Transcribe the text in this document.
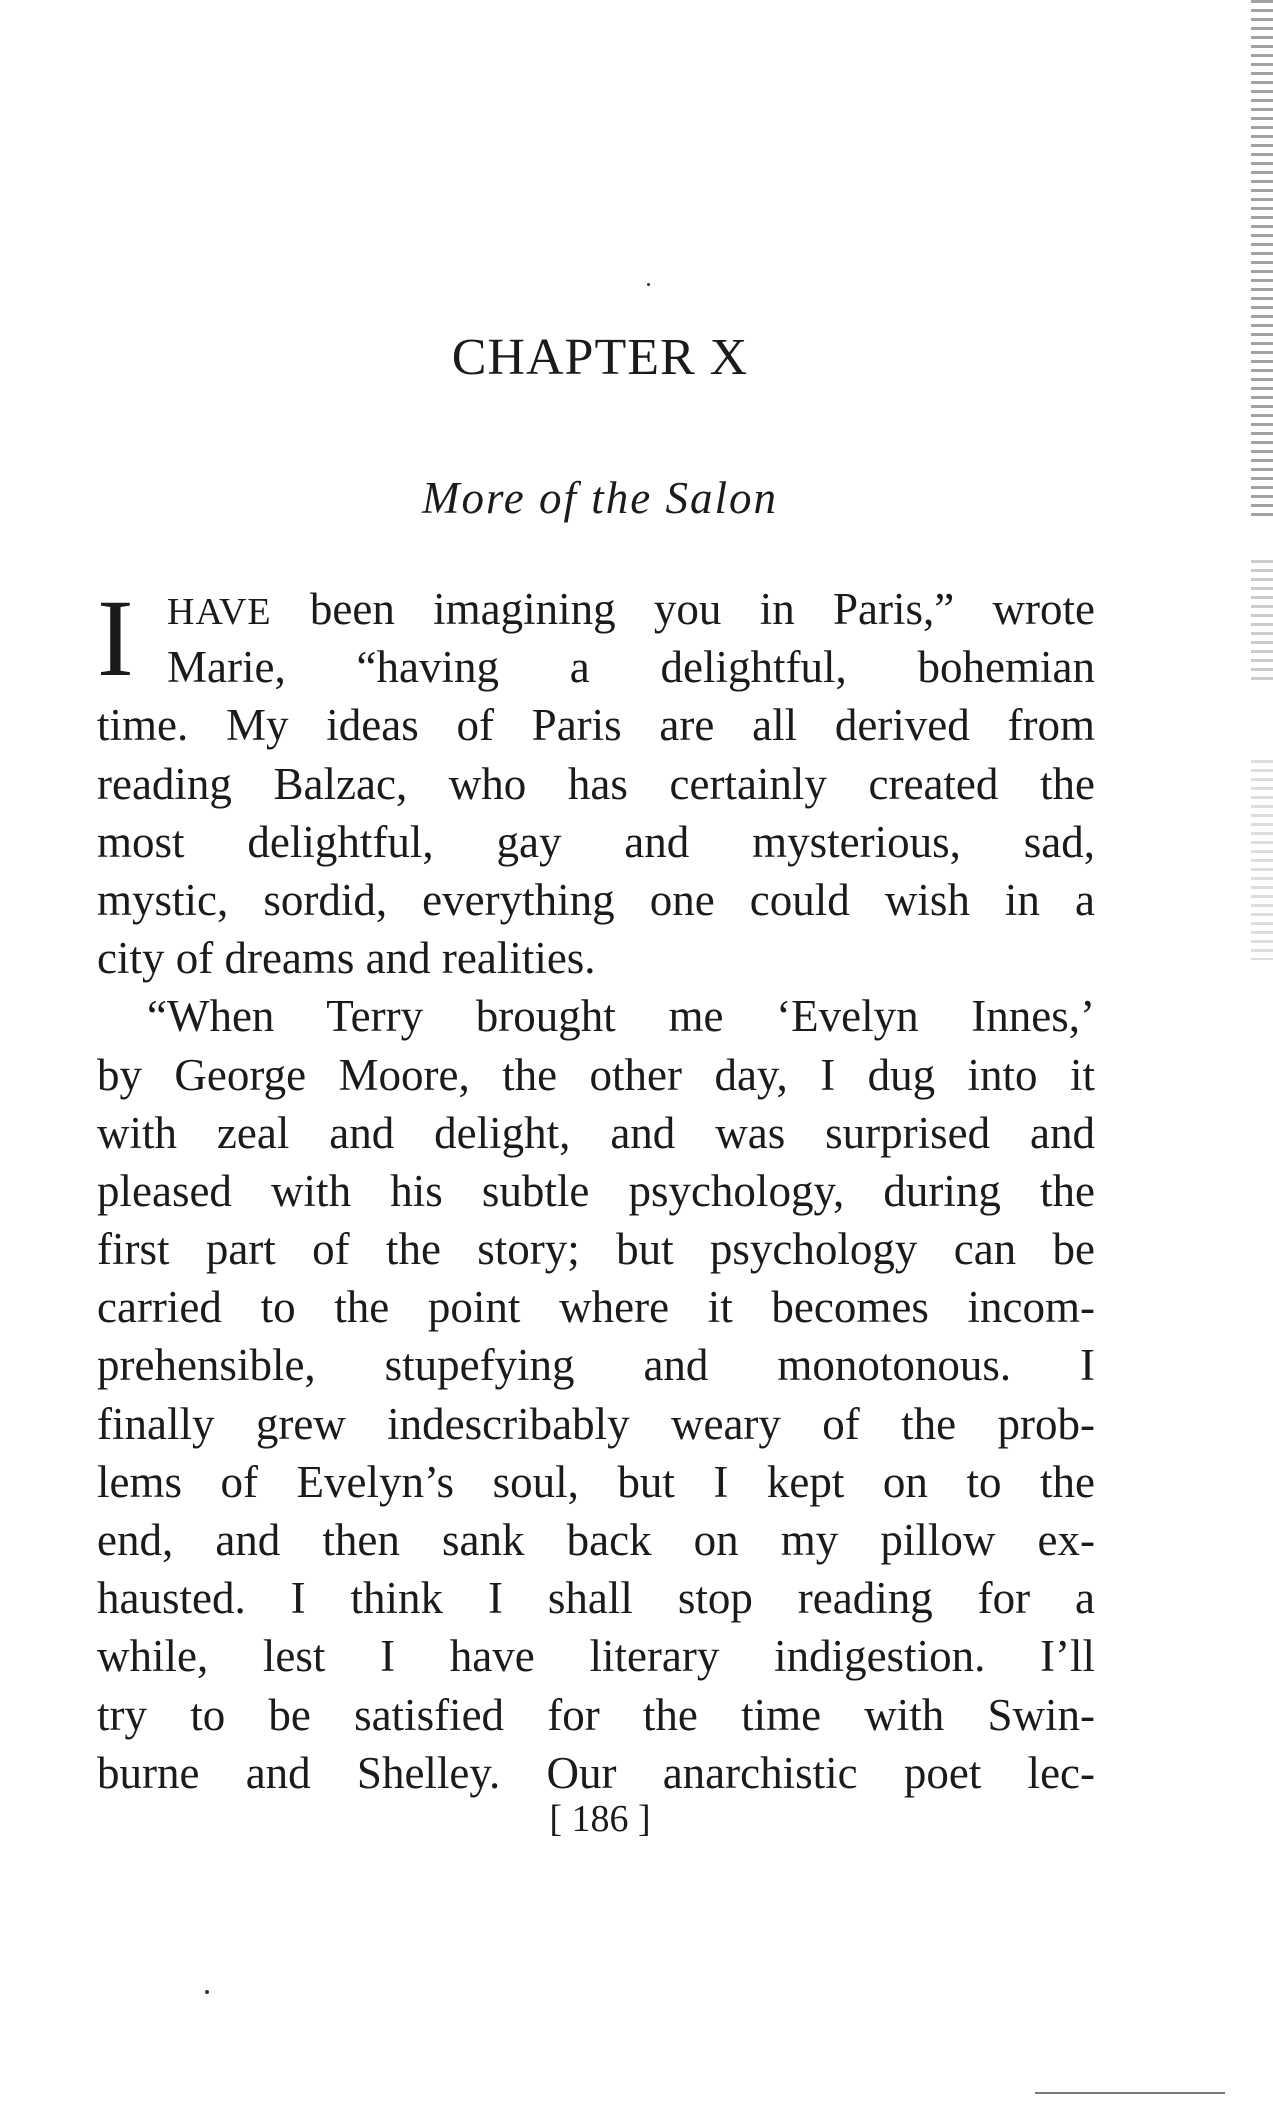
CHAPTER X
More of the Salon
I HAVE been imagining you in Paris,” wrote
Marie, “having a delightful, bohemian
time. My ideas of Paris are all derived from
reading Balzac, who has certainly created the
most delightful, gay and mysterious, sad,
mystic, sordid, everything one could wish in a
city of dreams and realities.
“When Terry brought me ‘Evelyn Innes,’
by George Moore, the other day, I dug into it
with zeal and delight, and was surprised and
pleased with his subtle psychology, during the
first part of the story; but psychology can be
carried to the point where it becomes incom-
prehensible, stupefying and monotonous. I
finally grew indescribably weary of the prob-
lems of Evelyn’s soul, but I kept on to the
end, and then sank back on my pillow ex-
hausted. I think I shall stop reading for a
while, lest I have literary indigestion. I’ll
try to be satisfied for the time with Swin-
burne and Shelley. Our anarchistic poet lec-
[ 186 ]
